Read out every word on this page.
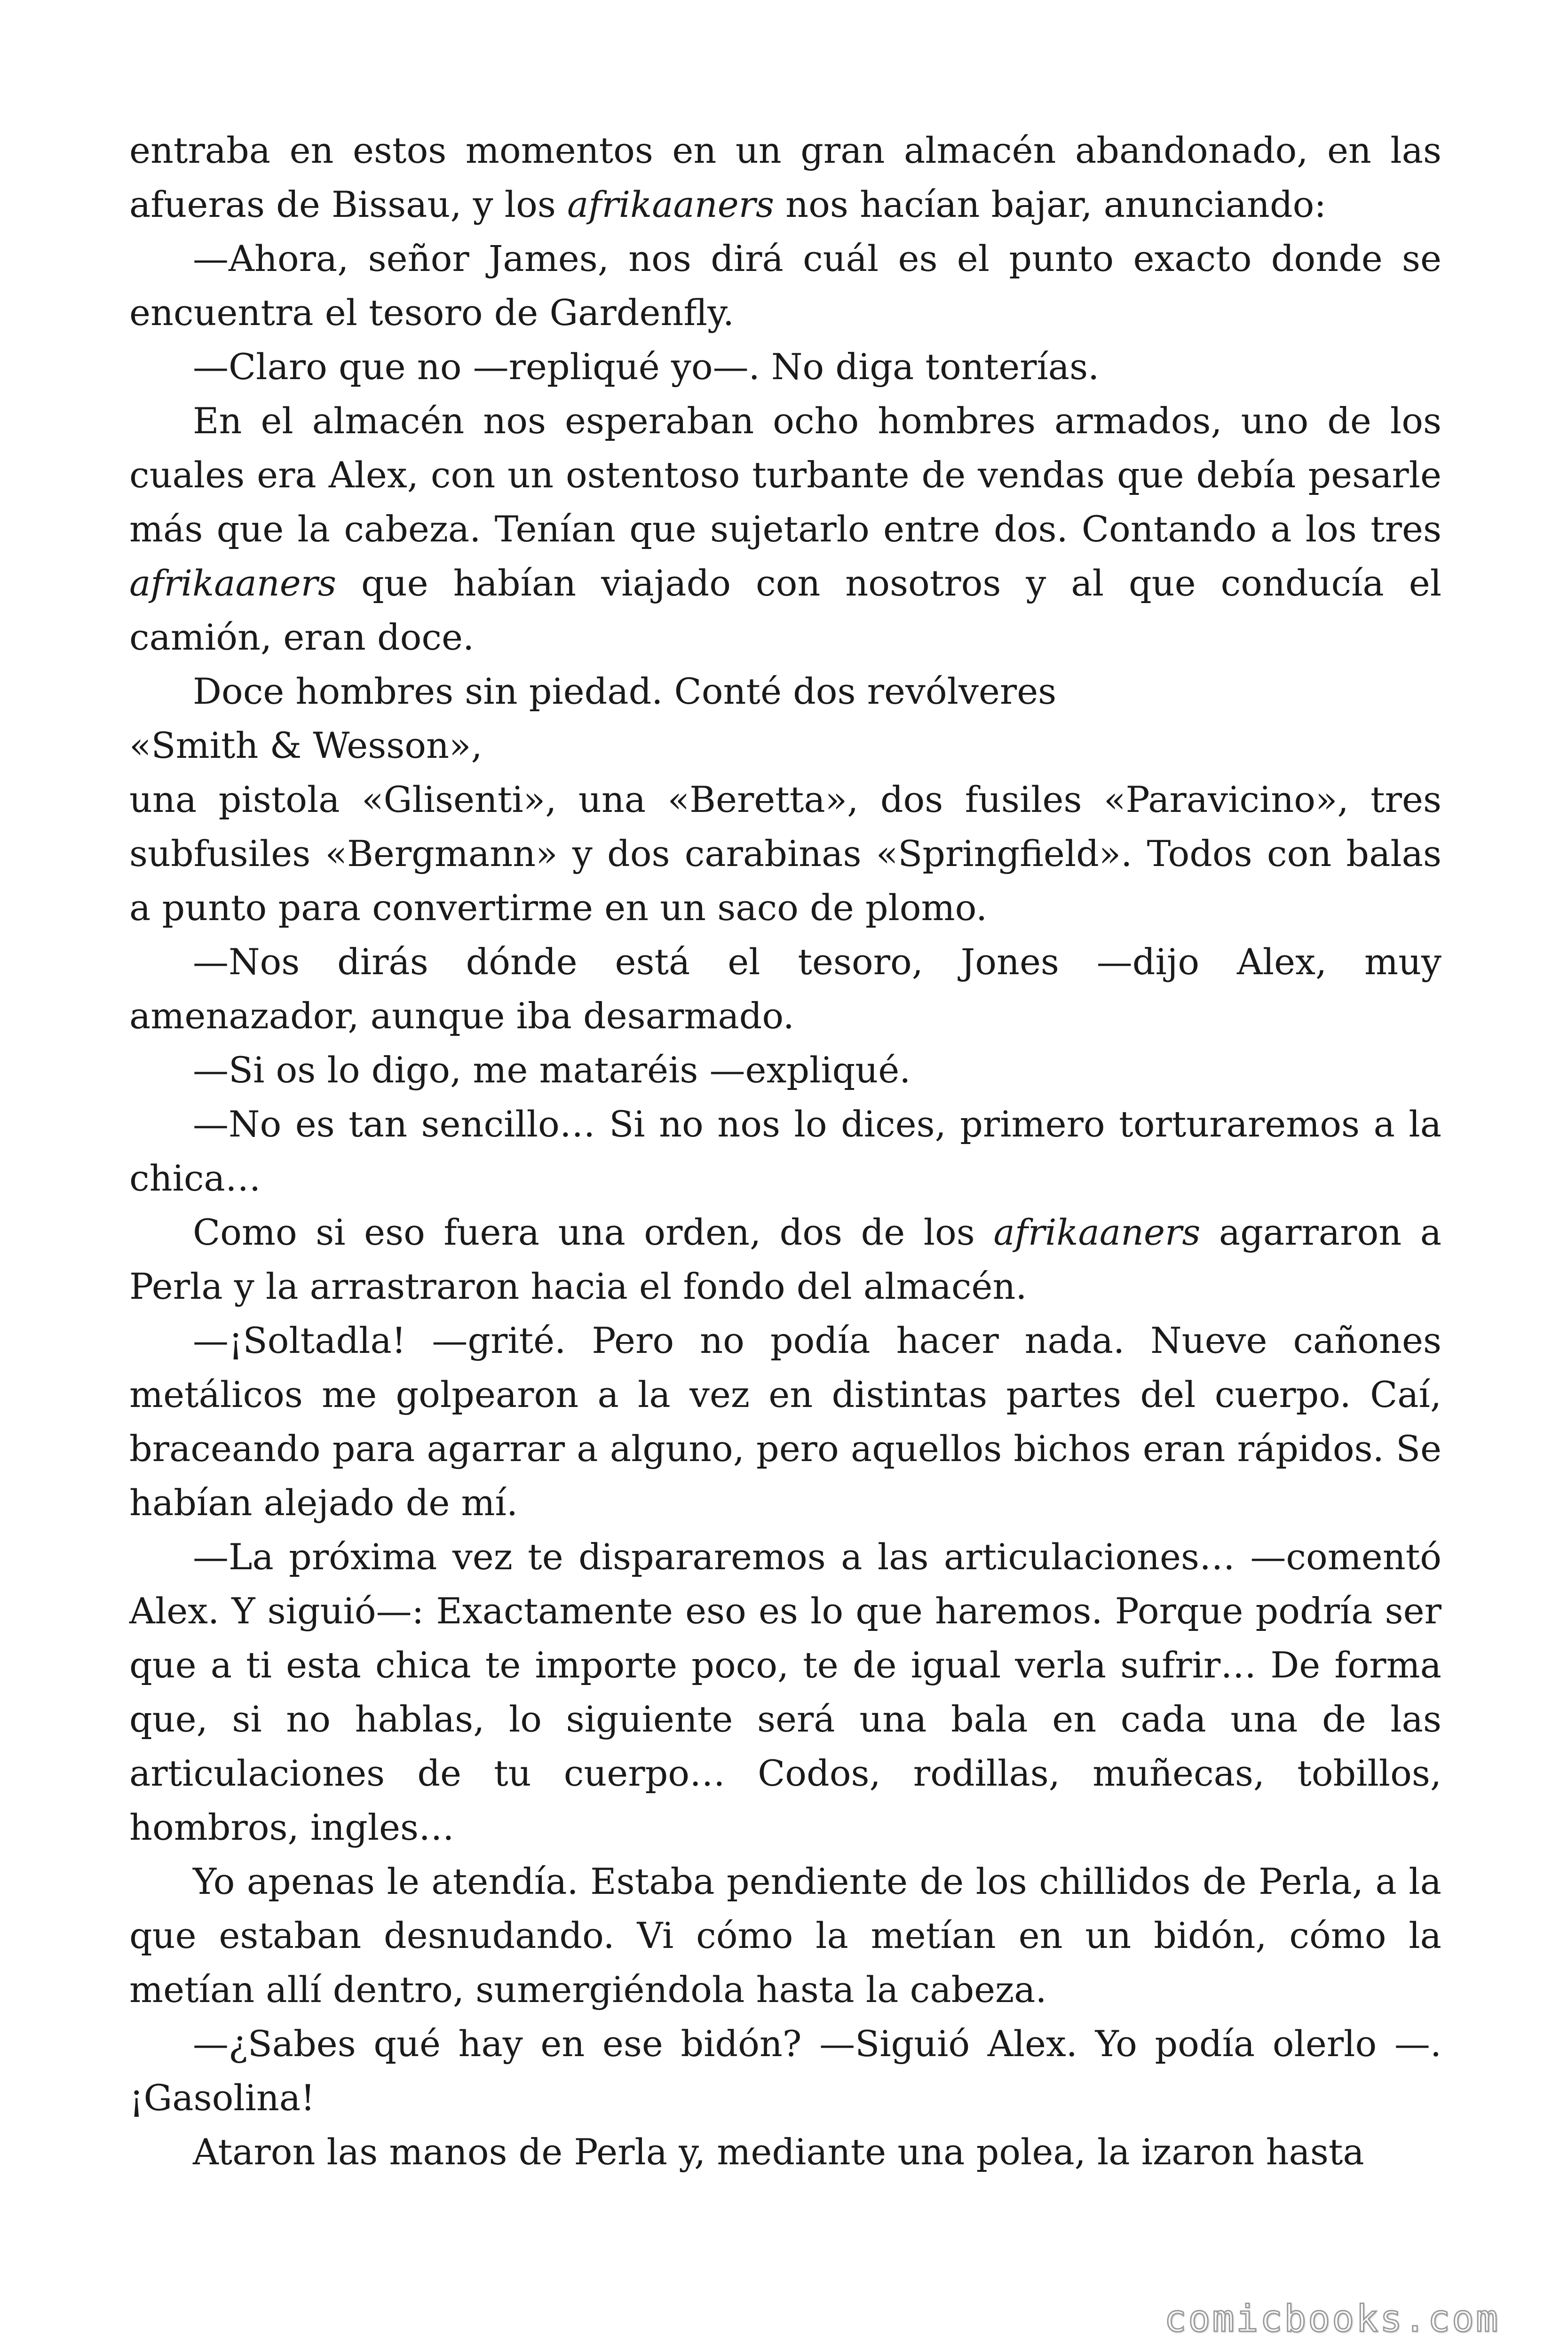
entraba en estos momentos en un gran almacén abandonado, en las afueras de Bissau, y los afrikaaners nos hacían bajar, anunciando:

—Ahora, señor James, nos dirá cuál es el punto exacto donde se encuentra el tesoro de Gardenfly.

—Claro que no —repliqué yo—. No diga tonterías.

En el almacén nos esperaban ocho hombres armados, uno de los cuales era Alex, con un ostentoso turbante de vendas que debía pesarle más que la cabeza. Tenían que sujetarlo entre dos. Contando a los tres afrikaaners que habían viajado con nosotros y al que conducía el camión, eran doce.

Doce hombres sin piedad. Conté dos revólveres

«Smith & Wesson»,

una pistola «Glisenti», una «Beretta», dos fusiles «Paravicino», tres subfusiles «Bergmann» y dos carabinas «Springfield». Todos con balas a punto para convertirme en un saco de plomo.

—Nos dirás dónde está el tesoro, Jones —dijo Alex, muy amenazador, aunque iba desarmado.

—Si os lo digo, me mataréis —expliqué.

—No es tan sencillo… Si no nos lo dices, primero torturaremos a la chica…

Como si eso fuera una orden, dos de los afrikaaners agarraron a Perla y la arrastraron hacia el fondo del almacén.

—¡Soltadla! —grité. Pero no podía hacer nada. Nueve cañones metálicos me golpearon a la vez en distintas partes del cuerpo. Caí, braceando para agarrar a alguno, pero aquellos bichos eran rápidos. Se habían alejado de mí.

—La próxima vez te dispararemos a las articulaciones… —comentó Alex. Y siguió—: Exactamente eso es lo que haremos. Porque podría ser que a ti esta chica te importe poco, te de igual verla sufrir… De forma que, si no hablas, lo siguiente será una bala en cada una de las articulaciones de tu cuerpo… Codos, rodillas, muñecas, tobillos, hombros, ingles…

Yo apenas le atendía. Estaba pendiente de los chillidos de Perla, a la que estaban desnudando. Vi cómo la metían en un bidón, cómo la metían allí dentro, sumergiéndola hasta la cabeza.

—¿Sabes qué hay en ese bidón? —Siguió Alex. Yo podía olerlo —. ¡Gasolina!

Ataron las manos de Perla y, mediante una polea, la izaron hasta

comicbooks.com
